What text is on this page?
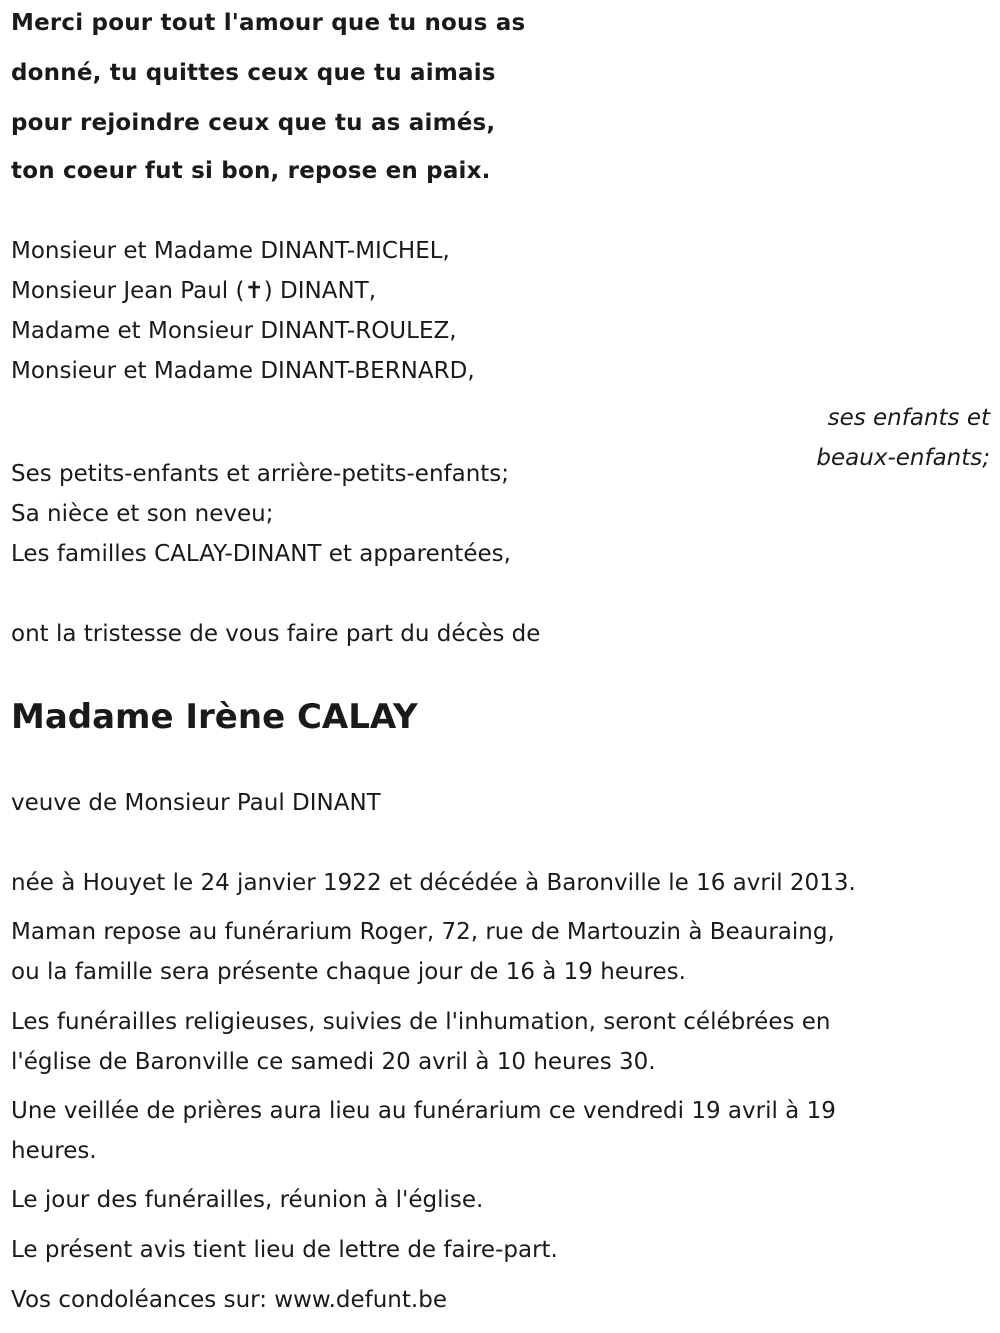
Merci pour tout l'amour que tu nous as

donné, tu quittes ceux que tu aimais

pour rejoindre ceux que tu as aimés,

ton coeur fut si bon, repose en paix.

Monsieur et Madame DINANT-MICHEL,

Monsieur Jean Paul (✝) DINANT,

Madame et Monsieur DINANT-ROULEZ,

Monsieur et Madame DINANT-BERNARD,

ses enfants et

beaux-enfants;

Ses petits-enfants et arrière-petits-enfants;

Sa nièce et son neveu;

Les familles CALAY-DINANT et apparentées,

ont la tristesse de vous faire part du décès de

Madame Irène CALAY

veuve de Monsieur Paul DINANT

née à Houyet le 24 janvier 1922 et décédée à Baronville le 16 avril 2013.

Maman repose au funérarium Roger, 72, rue de Martouzin à Beauraing,

ou la famille sera présente chaque jour de 16 à 19 heures.

Les funérailles religieuses, suivies de l'inhumation, seront célébrées en

l'église de Baronville ce samedi 20 avril à 10 heures 30.

Une veillée de prières aura lieu au funérarium ce vendredi 19 avril à 19

heures.

Le jour des funérailles, réunion à l'église.

Le présent avis tient lieu de lettre de faire-part.

Vos condoléances sur: www.defunt.be
